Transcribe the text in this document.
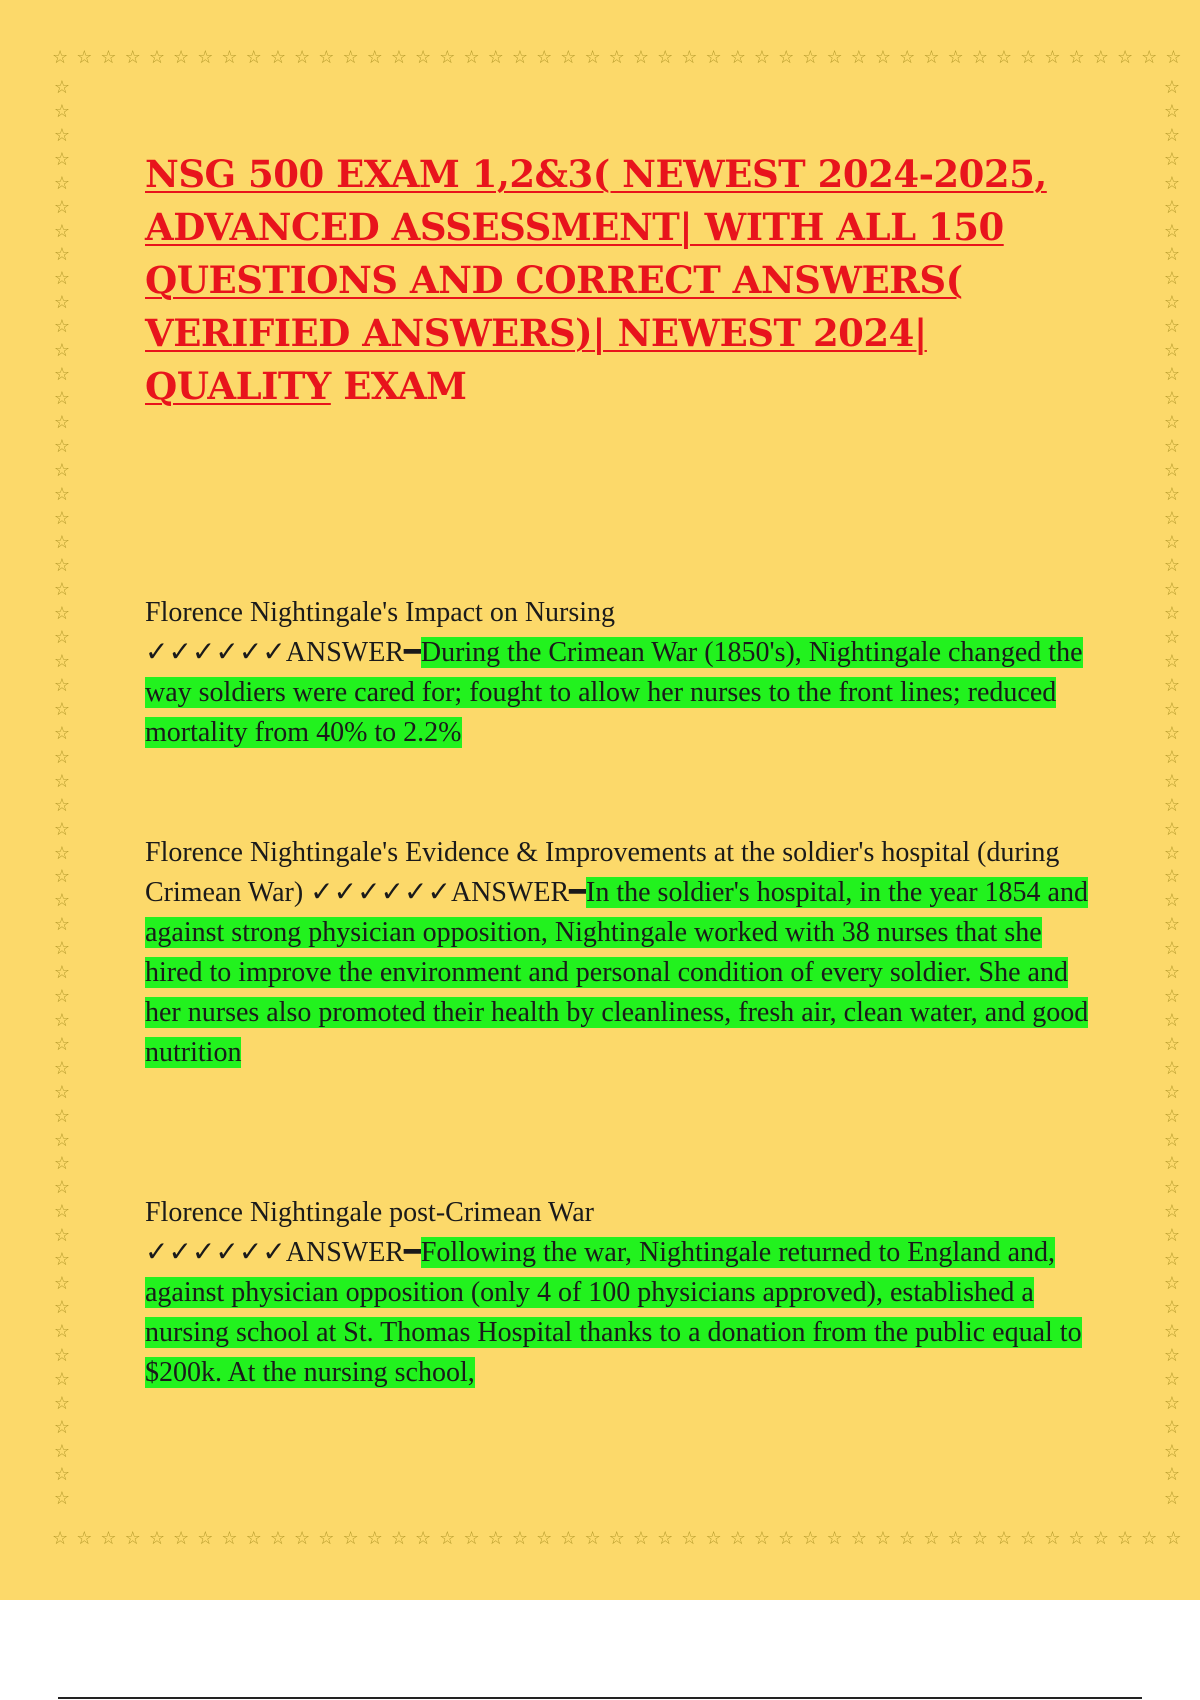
☆ ☆ ☆ ☆ ☆ ☆ ☆ ☆ ☆ ☆ ☆ ☆ ☆ ☆ ☆ ☆ ☆ ☆ ☆ ☆ ☆ ☆ ☆ ☆ ☆ ☆ ☆ ☆ ☆ ☆ ☆ ☆ ☆ ☆ ☆ ☆ ☆ ☆ ☆ ☆ ☆ ☆ ☆ ☆ ☆ ☆ ☆
☆ ☆ ☆ ☆ ☆ ☆ ☆ ☆ ☆ ☆ ☆ ☆ ☆ ☆ ☆ ☆ ☆ ☆ ☆ ☆ ☆ ☆ ☆ ☆ ☆ ☆ ☆ ☆ ☆ ☆ ☆ ☆ ☆ ☆ ☆ ☆ ☆ ☆ ☆ ☆ ☆ ☆ ☆ ☆ ☆ ☆ ☆
☆
☆
☆
☆
☆
☆
☆
☆
☆
☆
☆
☆
☆
☆
☆
☆
☆
☆
☆
☆
☆
☆
☆
☆
☆
☆
☆
☆
☆
☆
☆
☆
☆
☆
☆
☆
☆
☆
☆
☆
☆
☆
☆
☆
☆
☆
☆
☆
☆
☆
☆
☆
☆
☆
☆
☆
☆
☆
☆
☆
☆
☆
☆
☆
☆
☆
☆
☆
☆
☆
☆
☆
☆
☆
☆
☆
☆
☆
☆
☆
☆
☆
☆
☆
☆
☆
☆
☆
☆
☆
☆
☆
☆
☆
☆
☆
☆
☆
☆
☆
☆
☆
☆
☆
☆
☆
☆
☆
☆
☆
☆
☆
☆
☆
☆
☆
☆
☆
☆
☆
NSG 500 EXAM 1,2&3( NEWEST 2024-2025, ADVANCED ASSESSMENT| WITH ALL 150 QUESTIONS AND CORRECT ANSWERS( VERIFIED ANSWERS)| NEWEST 2024| QUALITY EXAM
Florence Nightingale's Impact on Nursing
✓✓✓✓✓✓ANSWER━During the Crimean War (1850's), Nightingale changed the way soldiers were cared for; fought to allow her nurses to the front lines; reduced mortality from 40% to 2.2%
Florence Nightingale's Evidence & Improvements at the soldier's hospital (during Crimean War) ✓✓✓✓✓✓ANSWER━In the soldier's hospital, in the year 1854 and against strong physician opposition, Nightingale worked with 38 nurses that she hired to improve the environment and personal condition of every soldier. She and her nurses also promoted their health by cleanliness, fresh air, clean water, and good nutrition
Florence Nightingale post-Crimean War
✓✓✓✓✓✓ANSWER━Following the war, Nightingale returned to England and, against physician opposition (only 4 of 100 physicians approved), established a nursing school at St. Thomas Hospital thanks to a donation from the public equal to $200k. At the nursing school,
